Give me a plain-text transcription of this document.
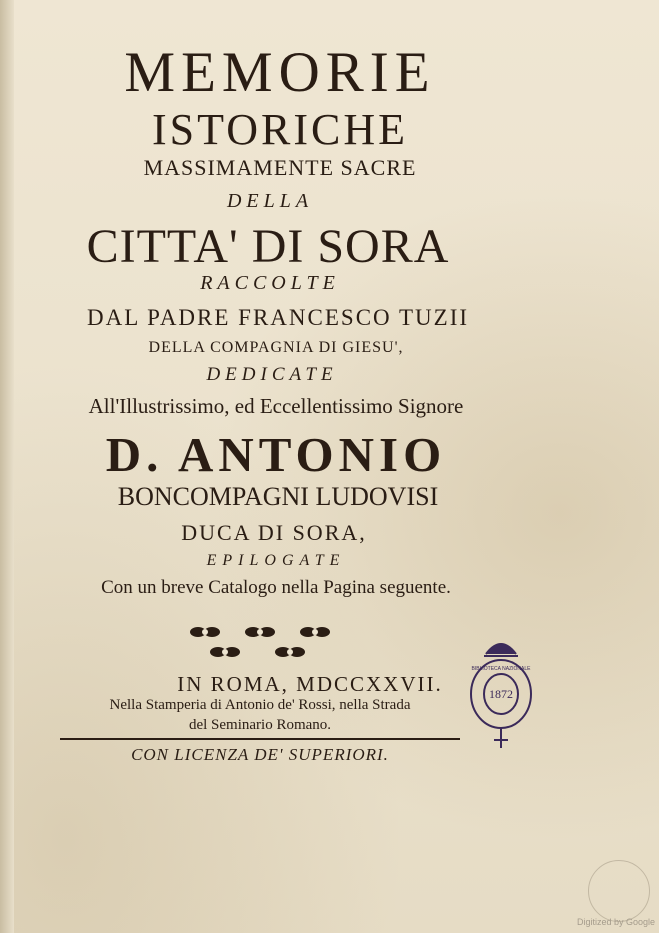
MEMORIE
ISTORICHE
MASSIMAMENTE SACRE
DELLA
CITTA' DI SORA
RACCOLTE
DAL PADRE FRANCESCO TUZII
DELLA COMPAGNIA DI GIESU',
DEDICATE
All'Illustrissimo, ed Eccellentissimo Signore
D. ANTONIO
BONCOMPAGNI LUDOVISI
DUCA DI SORA,
EPILOGATE
Con un breve Catalogo nella Pagina seguente.
IN ROMA, MDCCXXVII.
Nella Stamperia di Antonio de' Rossi, nella Strada
del Seminario Romano.
CON LICENZA DE' SUPERIORI.
1872
BIBLIOTECA NAZIONALE
Digitized by Google
